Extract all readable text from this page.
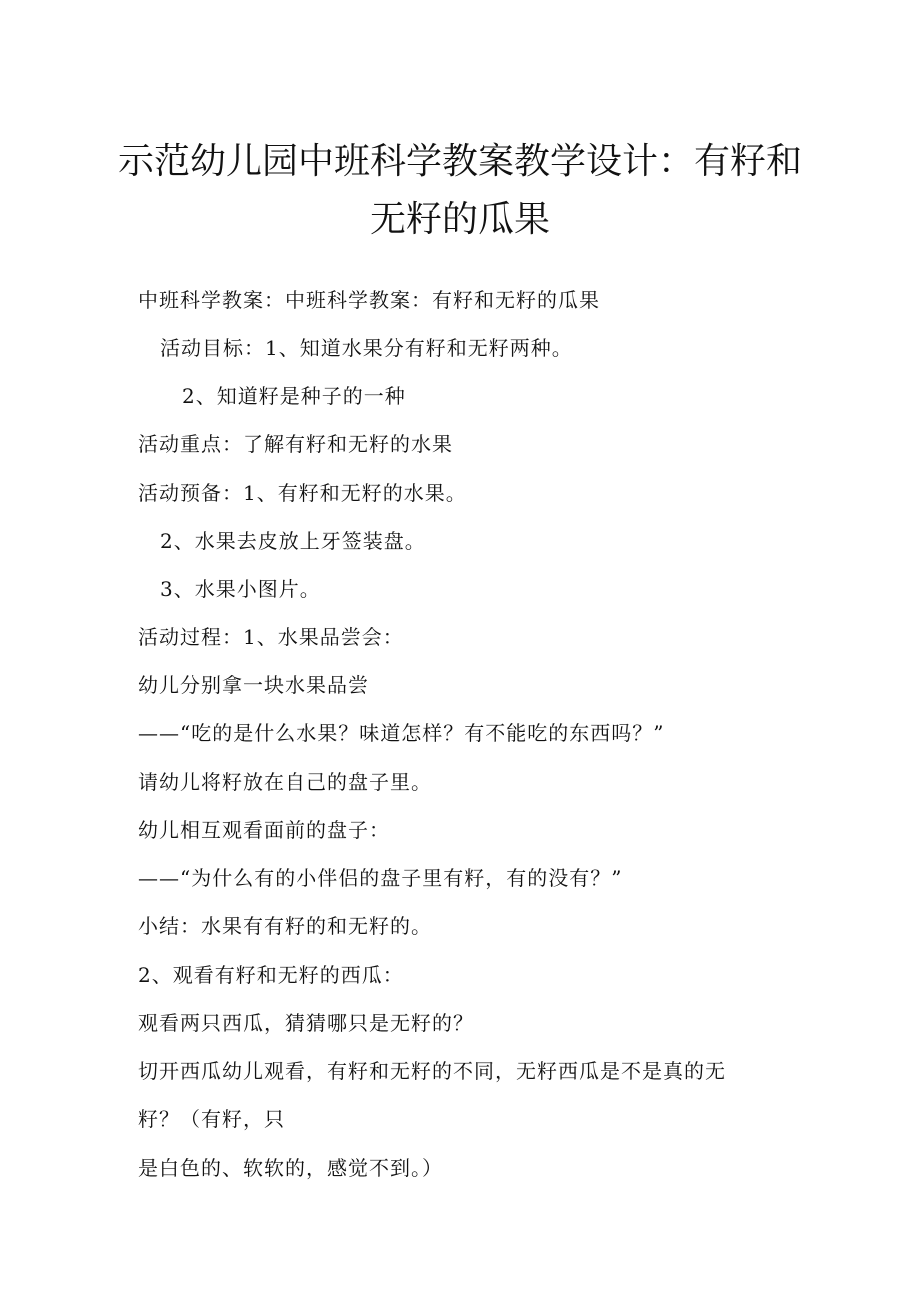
示范幼儿园中班科学教案教学设计：有籽和
无籽的瓜果
中班科学教案：中班科学教案：有籽和无籽的瓜果
活动目标：1、知道水果分有籽和无籽两种。
2、知道籽是种子的一种
活动重点：了解有籽和无籽的水果
活动预备：1、有籽和无籽的水果。
2、水果去皮放上牙签装盘。
3、水果小图片。
活动过程：1、水果品尝会：
幼儿分别拿一块水果品尝
——“吃的是什么水果？味道怎样？有不能吃的东西吗？”
请幼儿将籽放在自己的盘子里。
幼儿相互观看面前的盘子：
——“为什么有的小伴侣的盘子里有籽，有的没有？”
小结：水果有有籽的和无籽的。
2、观看有籽和无籽的西瓜：
观看两只西瓜，猜猜哪只是无籽的？
切开西瓜幼儿观看，有籽和无籽的不同，无籽西瓜是不是真的无
籽？（有籽，只
是白色的、软软的，感觉不到。）
